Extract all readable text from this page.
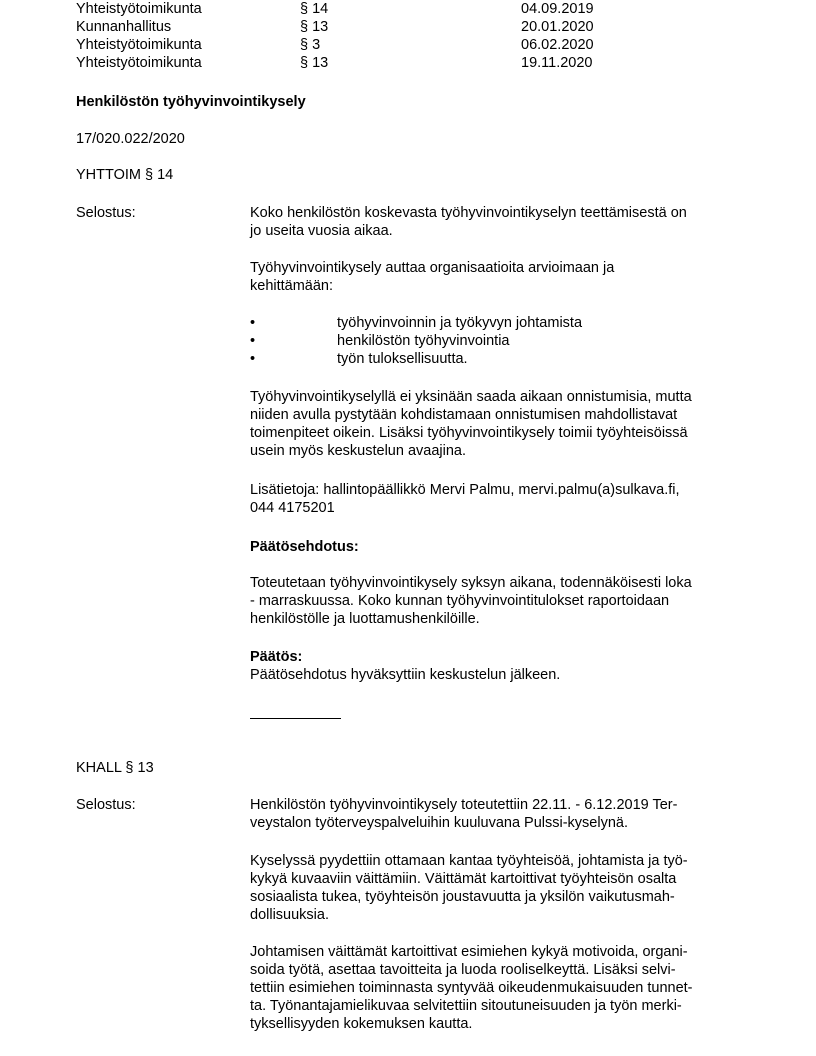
Yhteistyötoimikunta	§ 14	04.09.2019
Kunnanhallitus	§ 13	20.01.2020
Yhteistyötoimikunta	§ 3	06.02.2020
Yhteistyötoimikunta	§ 13	19.11.2020
Henkilöstön työhyvinvointikysely
17/020.022/2020
YHTTOIM § 14
Selostus:	Koko henkilöstön koskevasta työhyvinvointikyselyn teettämisestä on
jo useita vuosia aikaa.
Työhyvinvointikysely auttaa organisaatioita arvioimaan ja
kehittämään:
•	työhyvinvoinnin ja työkyvyn johtamista
•	henkilöstön työhyvinvointia
•	työn tuloksellisuutta.
Työhyvinvointikyselyllä ei yksinään saada aikaan onnistumisia, mutta
niiden avulla pystytään kohdistamaan onnistumisen mahdollistavat
toimenpiteet oikein. Lisäksi työhyvinvointikysely toimii työyhteisöissä
usein myös keskustelun avaajina.
Lisätietoja: hallintopäällikkö Mervi Palmu, mervi.palmu(a)sulkava.fi,
044 4175201
Päätösehdotus:
Toteutetaan työhyvinvointikysely syksyn aikana, todennäköisesti loka
- marraskuussa. Koko kunnan työhyvinvointitulokset raportoidaan
henkilöstölle ja luottamushenkilöille.
Päätös:
Päätösehdotus hyväksyttiin keskustelun jälkeen.
KHALL § 13
Selostus:	Henkilöstön työhyvinvointikysely toteutettiin 22.11. - 6.12.2019 Ter-
veystalon työterveyspalveluihin kuuluvana Pulssi-kyselynä.
Kyselyssä pyydettiin ottamaan kantaa työyhteisöä, johtamista ja työ-
kykyä kuvaaviin väittämiin. Väittämät kartoittivat työyhteisön osalta
sosiaalista tukea, työyhteisön joustavuutta ja yksilön vaikutusmah-
dollisuuksia.
Johtamisen väittämät kartoittivat esimiehen kykyä motivoida, organi-
soida työtä, asettaa tavoitteita ja luoda rooliselkeyttä. Lisäksi selvi-
tettiin esimiehen toiminnasta syntyvää oikeudenmukaisuuden tunnet-
ta. Työnantajamielikuvaa selvitettiin sitoutuneisuuden ja työn merki-
tyksellisyyden kokemuksen kautta.
